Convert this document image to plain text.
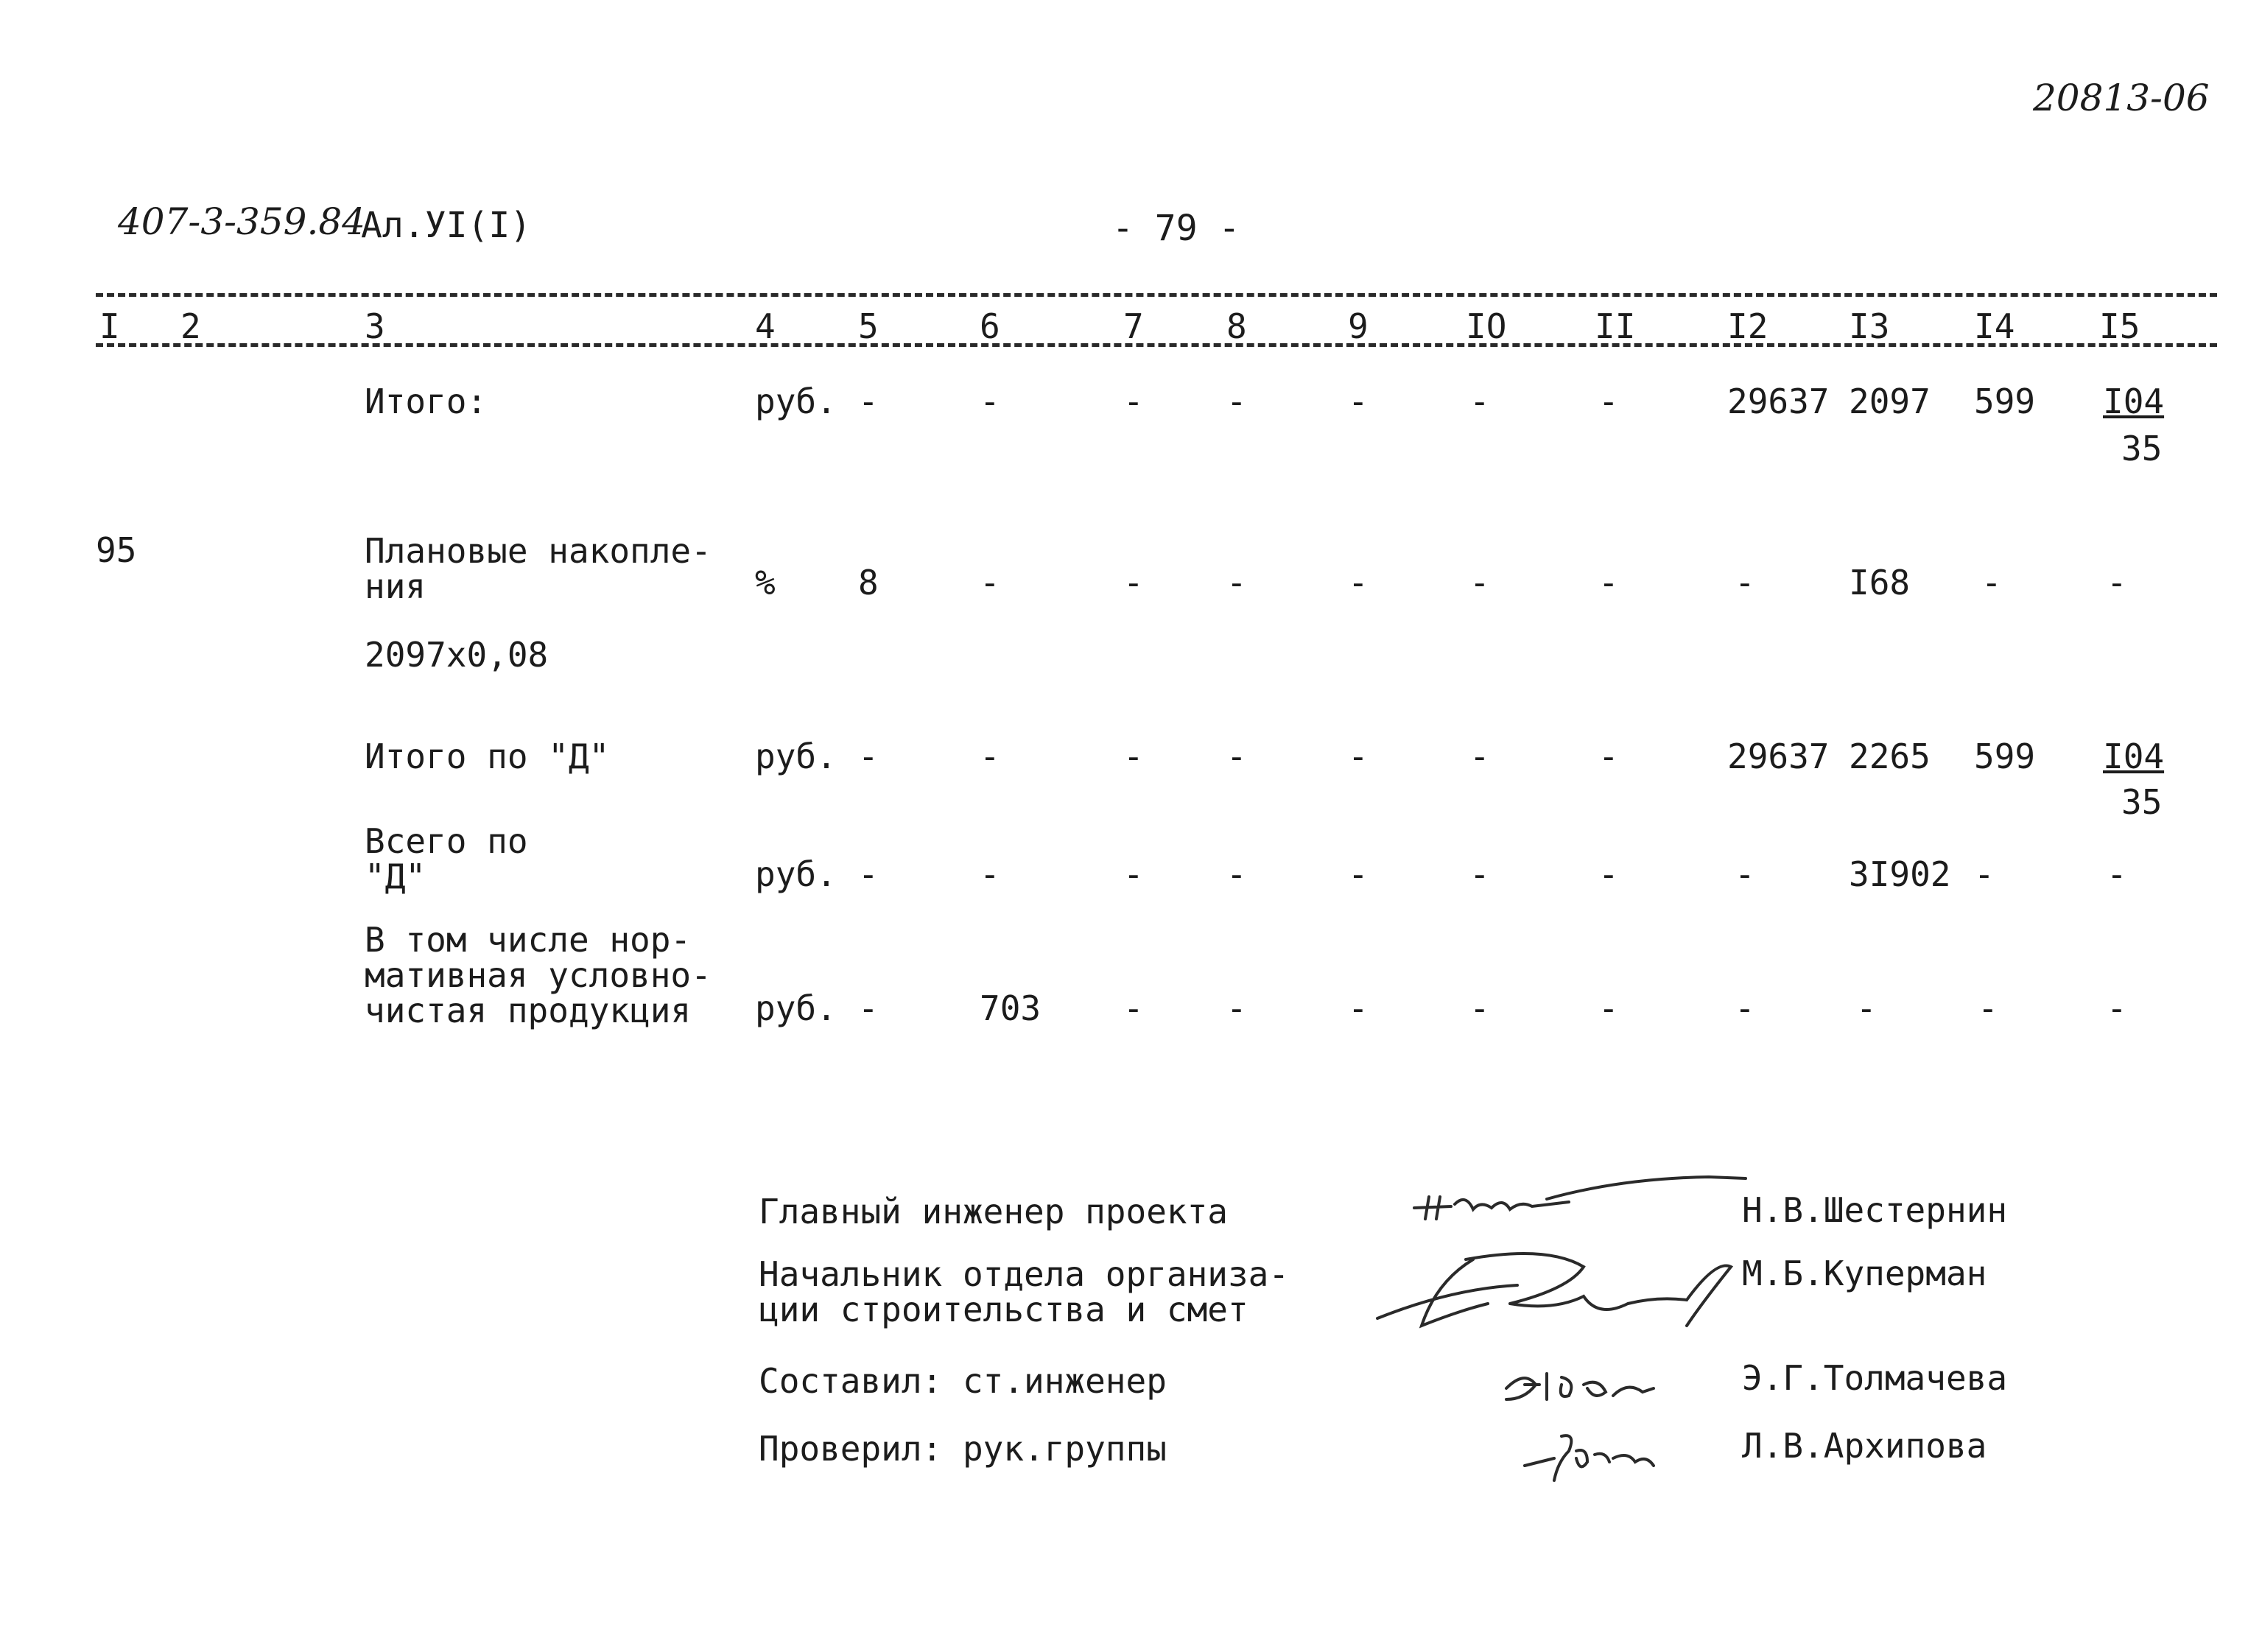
20813-06
407-3-359.84
Ал.УI(I)	- 79 -
I 2	3	4 5	6	7 8	9	IO	II	I2 I3 I4 I5
Итого:	руб. -	-	- -	-	-	-	29637 2097 599 I04
35
95	Плановые накопле-
ния	% 8	-	- -	-	-	-	-	I68 -	-
2097х0,08
Итого по "Д"	руб. -	-	- -	-	-	-	29637 2265 599 I04
35
Всего по
"Д"	руб. -	-	- -	-	-	-	-	3I902 -	-
В том числе нор-
мативная условно-
чистая продукция	руб. -	703 - -	-	-	-	-	-	-	-
Главный инженер проекта	Н.В.Шестернин
Начальник отдела организа-
ции строительства и смет
М.Б.Куперман
Составил: ст.инженер	Э.Г.Толмачева
Проверил: рук.группы	Л.В.Архипова
